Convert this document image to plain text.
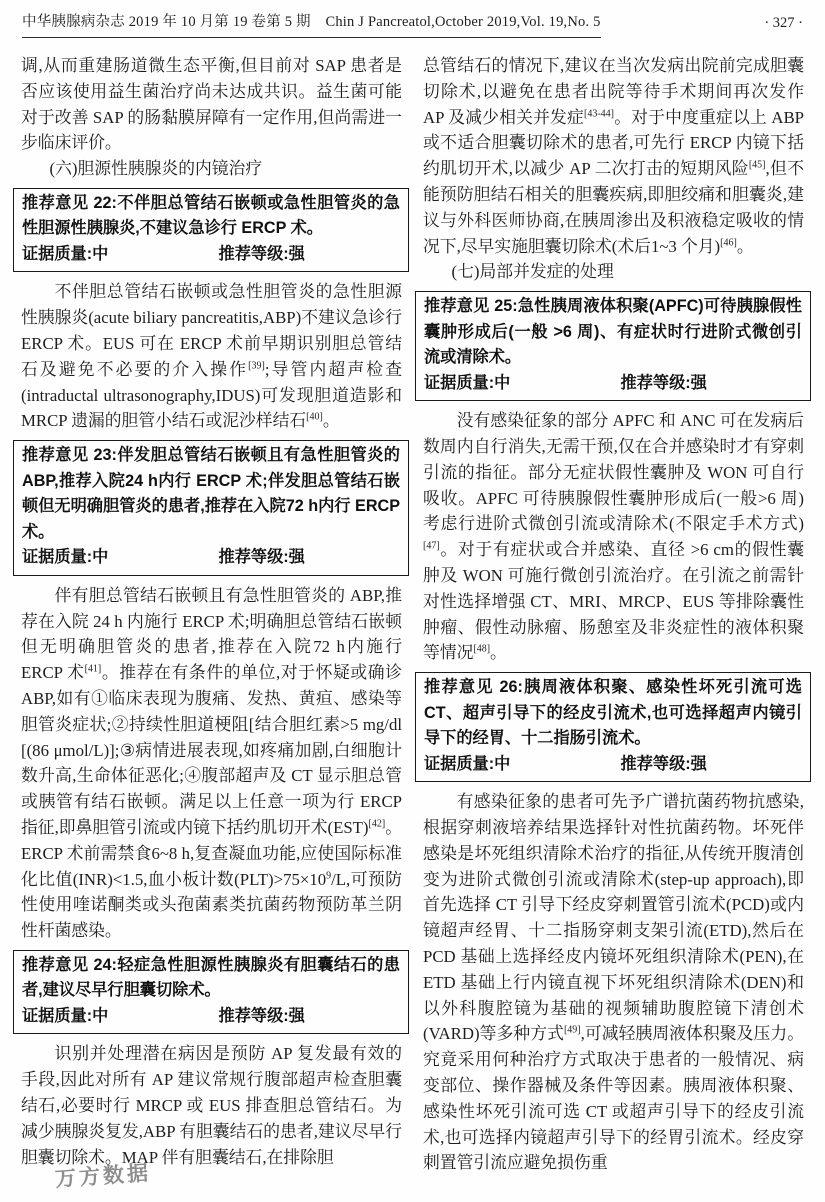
中华胰腺病杂志 2019 年 10 月第 19 卷第 5 期　Chin J Pancreatol,October 2019,Vol. 19,No. 5	· 327 ·

调,从而重建肠道微生态平衡,但目前对 SAP 患者是否应该使用益生菌治疗尚未达成共识。益生菌可能对于改善 SAP 的肠黏膜屏障有一定作用,但尚需进一步临床评价。

(六)胆源性胰腺炎的内镜治疗

推荐意见 22:不伴胆总管结石嵌顿或急性胆管炎的急性胆源性胰腺炎,不建议急诊行 ERCP 术。

证据质量:中	推荐等级:强

不伴胆总管结石嵌顿或急性胆管炎的急性胆源性胰腺炎(acute biliary pancreatitis,ABP)不建议急诊行 ERCP 术。EUS 可在 ERCP 术前早期识别胆总管结石及避免不必要的介入操作[39];导管内超声检查(intraductal ultrasonography,IDUS)可发现胆道造影和 MRCP 遗漏的胆管小结石或泥沙样结石[40]。

推荐意见 23:伴发胆总管结石嵌顿且有急性胆管炎的 ABP,推荐入院24 h内行 ERCP 术;伴发胆总管结石嵌顿但无明确胆管炎的患者,推荐在入院72 h内行 ERCP 术。

证据质量:中	推荐等级:强

伴有胆总管结石嵌顿且有急性胆管炎的 ABP,推荐在入院 24 h 内施行 ERCP 术;明确胆总管结石嵌顿但无明确胆管炎的患者,推荐在入院72 h内施行 ERCP 术[41]。推荐在有条件的单位,对于怀疑或确诊 ABP,如有①临床表现为腹痛、发热、黄疸、感染等胆管炎症状;②持续性胆道梗阻[结合胆红素>5 mg/dl [(86 μmol/L)];③病情进展表现,如疼痛加剧,白细胞计数升高,生命体征恶化;④腹部超声及 CT 显示胆总管或胰管有结石嵌顿。满足以上任意一项为行 ERCP 指征,即鼻胆管引流或内镜下括约肌切开术(EST)[42]。ERCP 术前需禁食6~8 h,复查凝血功能,应使国际标准化比值(INR)<1.5,血小板计数$(PLT)>75\times 10^9/L$,可预防性使用喹诺酮类或头孢菌素类抗菌药物预防革兰阴性杆菌感染。

推荐意见 24:轻症急性胆源性胰腺炎有胆囊结石的患者,建议尽早行胆囊切除术。

证据质量:中	推荐等级:强

识别并处理潜在病因是预防 AP 复发最有效的手段,因此对所有 AP 建议常规行腹部超声检查胆囊结石,必要时行 MRCP 或 EUS 排查胆总管结石。为减少胰腺炎复发,ABP 有胆囊结石的患者,建议尽早行胆囊切除术。MAP 伴有胆囊结石,在排除胆

总管结石的情况下,建议在当次发病出院前完成胆囊切除术,以避免在患者出院等待手术期间再次发作 AP 及减少相关并发症[43-44]。对于中度重症以上 ABP 或不适合胆囊切除术的患者,可先行 ERCP 内镜下括约肌切开术,以减少 AP 二次打击的短期风险[45],但不能预防胆结石相关的胆囊疾病,即胆绞痛和胆囊炎,建议与外科医师协商,在胰周渗出及积液稳定吸收的情况下,尽早实施胆囊切除术(术后1~3 个月)[46]。

(七)局部并发症的处理

推荐意见 25:急性胰周液体积聚(APFC)可待胰腺假性囊肿形成后(一般 >6 周)、有症状时行进阶式微创引流或清除术。

证据质量:中	推荐等级:强

没有感染征象的部分 APFC 和 ANC 可在发病后数周内自行消失,无需干预,仅在合并感染时才有穿刺引流的指征。部分无症状假性囊肿及 WON 可自行吸收。APFC 可待胰腺假性囊肿形成后(一般>6 周)考虑行进阶式微创引流或清除术(不限定手术方式)[47]。对于有症状或合并感染、直径 >6 cm的假性囊肿及 WON 可施行微创引流治疗。在引流之前需针对性选择增强 CT、MRI、MRCP、EUS 等排除囊性肿瘤、假性动脉瘤、肠憩室及非炎症性的液体积聚等情况[48]。

推荐意见 26:胰周液体积聚、感染性坏死引流可选 CT、超声引导下的经皮引流术,也可选择超声内镜引导下的经胃、十二指肠引流术。

证据质量:中	推荐等级:强

有感染征象的患者可先予广谱抗菌药物抗感染,根据穿刺液培养结果选择针对性抗菌药物。坏死伴感染是坏死组织清除术治疗的指征,从传统开腹清创变为进阶式微创引流或清除术(step-up approach),即首先选择 CT 引导下经皮穿刺置管引流术(PCD)或内镜超声经胃、十二指肠穿刺支架引流(ETD),然后在 PCD 基础上选择经皮内镜坏死组织清除术(PEN),在 ETD 基础上行内镜直视下坏死组织清除术(DEN)和以外科腹腔镜为基础的视频辅助腹腔镜下清创术(VARD)等多种方式[49],可减轻胰周液体积聚及压力。究竟采用何种治疗方式取决于患者的一般情况、病变部位、操作器械及条件等因素。胰周液体积聚、感染性坏死引流可选 CT 或超声引导下的经皮引流术,也可选择内镜超声引导下的经胃引流术。经皮穿刺置管引流应避免损伤重

万方数据
